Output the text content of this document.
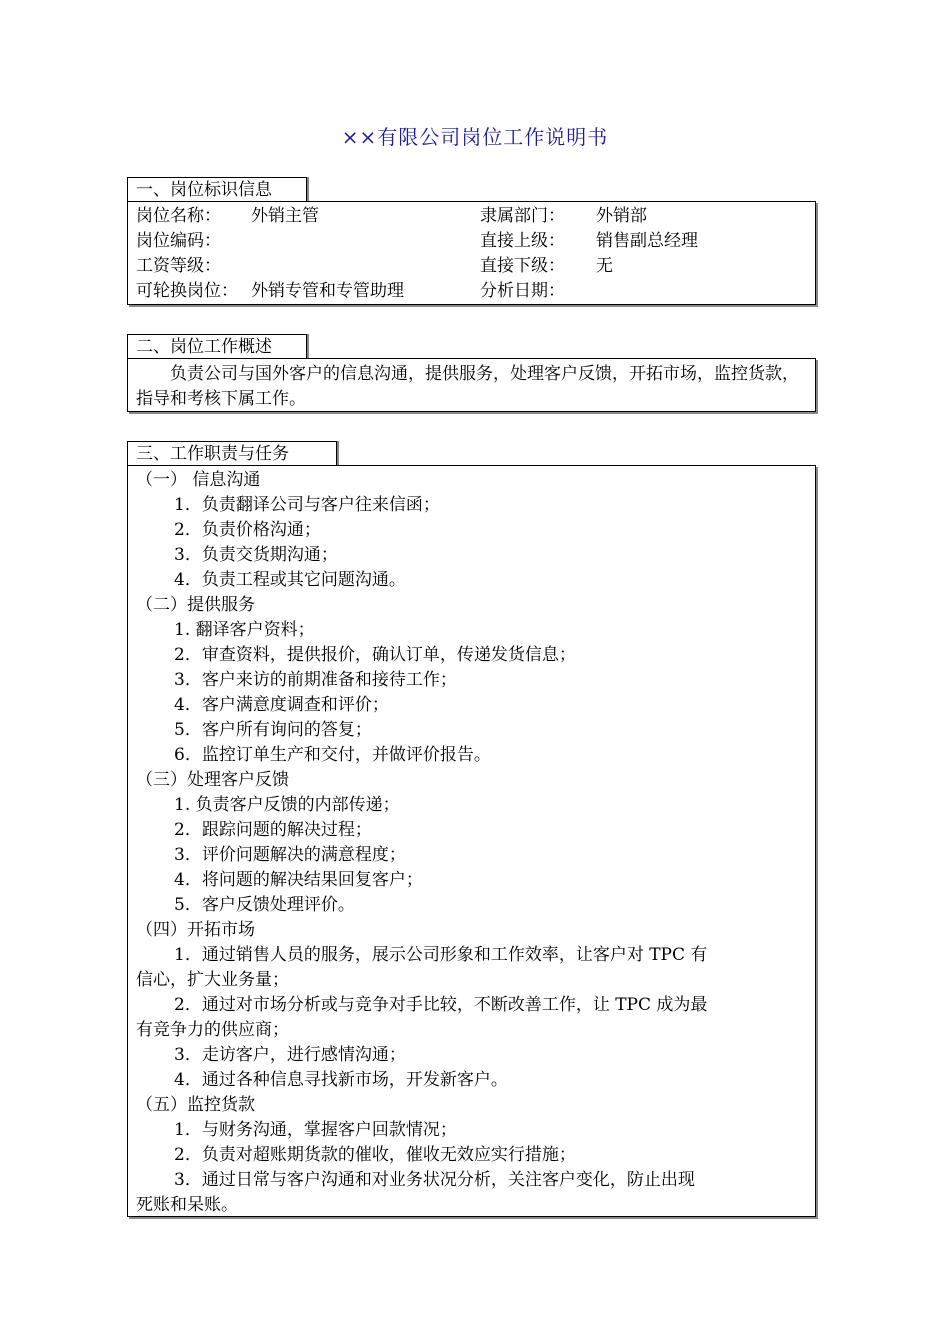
××有限公司岗位工作说明书
一、岗位标识信息
岗位名称： 外销主管	隶属部门： 外销部
岗位编码：	直接上级： 销售副总经理
工资等级：	直接下级： 无
可轮换岗位： 外销专管和专管助理	分析日期：
二、岗位工作概述
负责公司与国外客户的信息沟通，提供服务，处理客户反馈，开拓市场，监控货款，指导和考核下属工作。
三、工作职责与任务
（一） 信息沟通
1．负责翻译公司与客户往来信函；
2．负责价格沟通；
3．负责交货期沟通；
4．负责工程或其它问题沟通。
（二）提供服务
1. 翻译客户资料；
2．审查资料，提供报价，确认订单，传递发货信息；
3．客户来访的前期准备和接待工作；
4．客户满意度调查和评价；
5．客户所有询问的答复；
6．监控订单生产和交付，并做评价报告。
（三）处理客户反馈
1. 负责客户反馈的内部传递；
2．跟踪问题的解决过程；
3．评价问题解决的满意程度；
4．将问题的解决结果回复客户；
5．客户反馈处理评价。
（四）开拓市场
1．通过销售人员的服务，展示公司形象和工作效率，让客户对 TPC 有
信心，扩大业务量；
2．通过对市场分析或与竞争对手比较，不断改善工作，让 TPC 成为最
有竞争力的供应商；
3．走访客户，进行感情沟通；
4．通过各种信息寻找新市场，开发新客户。
（五）监控货款
1．与财务沟通，掌握客户回款情况；
2．负责对超账期货款的催收，催收无效应实行措施；
3．通过日常与客户沟通和对业务状况分析，关注客户变化，防止出现
死账和呆账。
